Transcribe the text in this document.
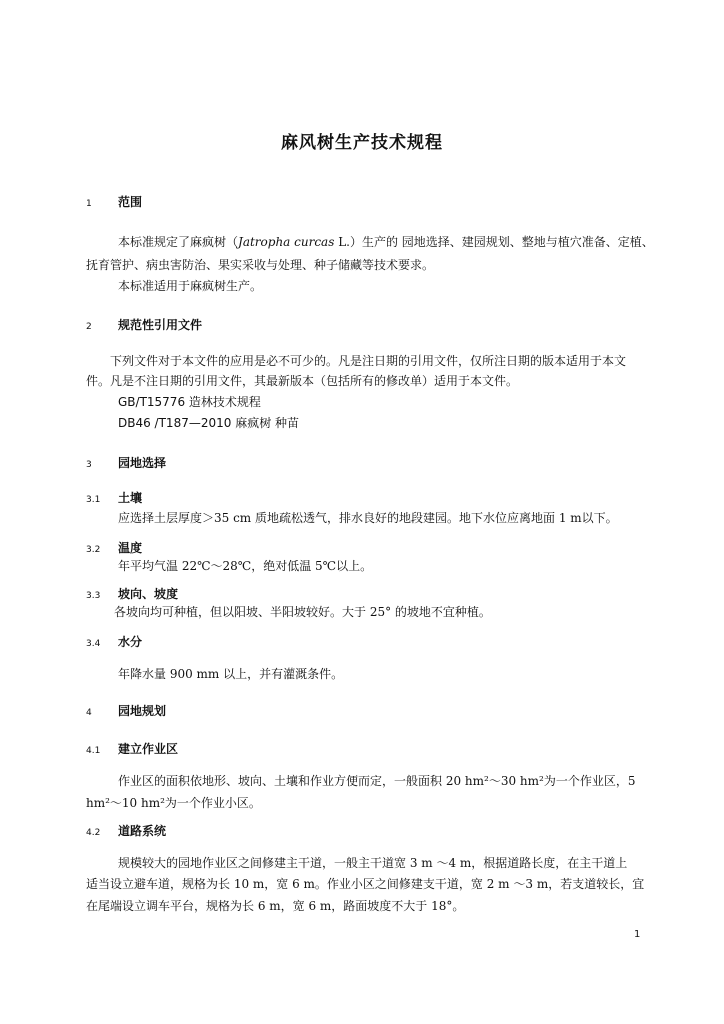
麻风树生产技术规程
1 范围
本标准规定了麻疯树（Jatropha curcas L.）生产的 园地选择、建园规划、整地与植穴准备、定植、
抚育管护、病虫害防治、果实采收与处理、种子储藏等技术要求。
本标准适用于麻疯树生产。
2 规范性引用文件
下列文件对于本文件的应用是必不可少的。凡是注日期的引用文件，仅所注日期的版本适用于本文
件。凡是不注日期的引用文件，其最新版本（包括所有的修改单）适用于本文件。
GB/T15776 造林技术规程
DB46 /T187—2010 麻疯树 种苗
3 园地选择
3.1 土壤
应选择土层厚度＞35 cm 质地疏松透气，排水良好的地段建园。地下水位应离地面 1 m以下。
3.2 温度
年平均气温 22℃～28℃，绝对低温 5℃以上。
3.3 坡向、坡度
各坡向均可种植，但以阳坡、半阳坡较好。大于 25° 的坡地不宜种植。
3.4 水分
年降水量 900 mm 以上，并有灌溉条件。
4 园地规划
4.1 建立作业区
作业区的面积依地形、坡向、土壤和作业方便而定，一般面积 20 hm²～30 hm²为一个作业区，5
hm²～10 hm²为一个作业小区。
4.2 道路系统
规模较大的园地作业区之间修建主干道，一般主干道宽 3 m ～4 m，根据道路长度，在主干道上
适当设立避车道，规格为长 10 m，宽 6 m。作业小区之间修建支干道，宽 2 m ～3 m，若支道较长，宜
在尾端设立调车平台，规格为长 6 m，宽 6 m，路面坡度不大于 18°。
1
